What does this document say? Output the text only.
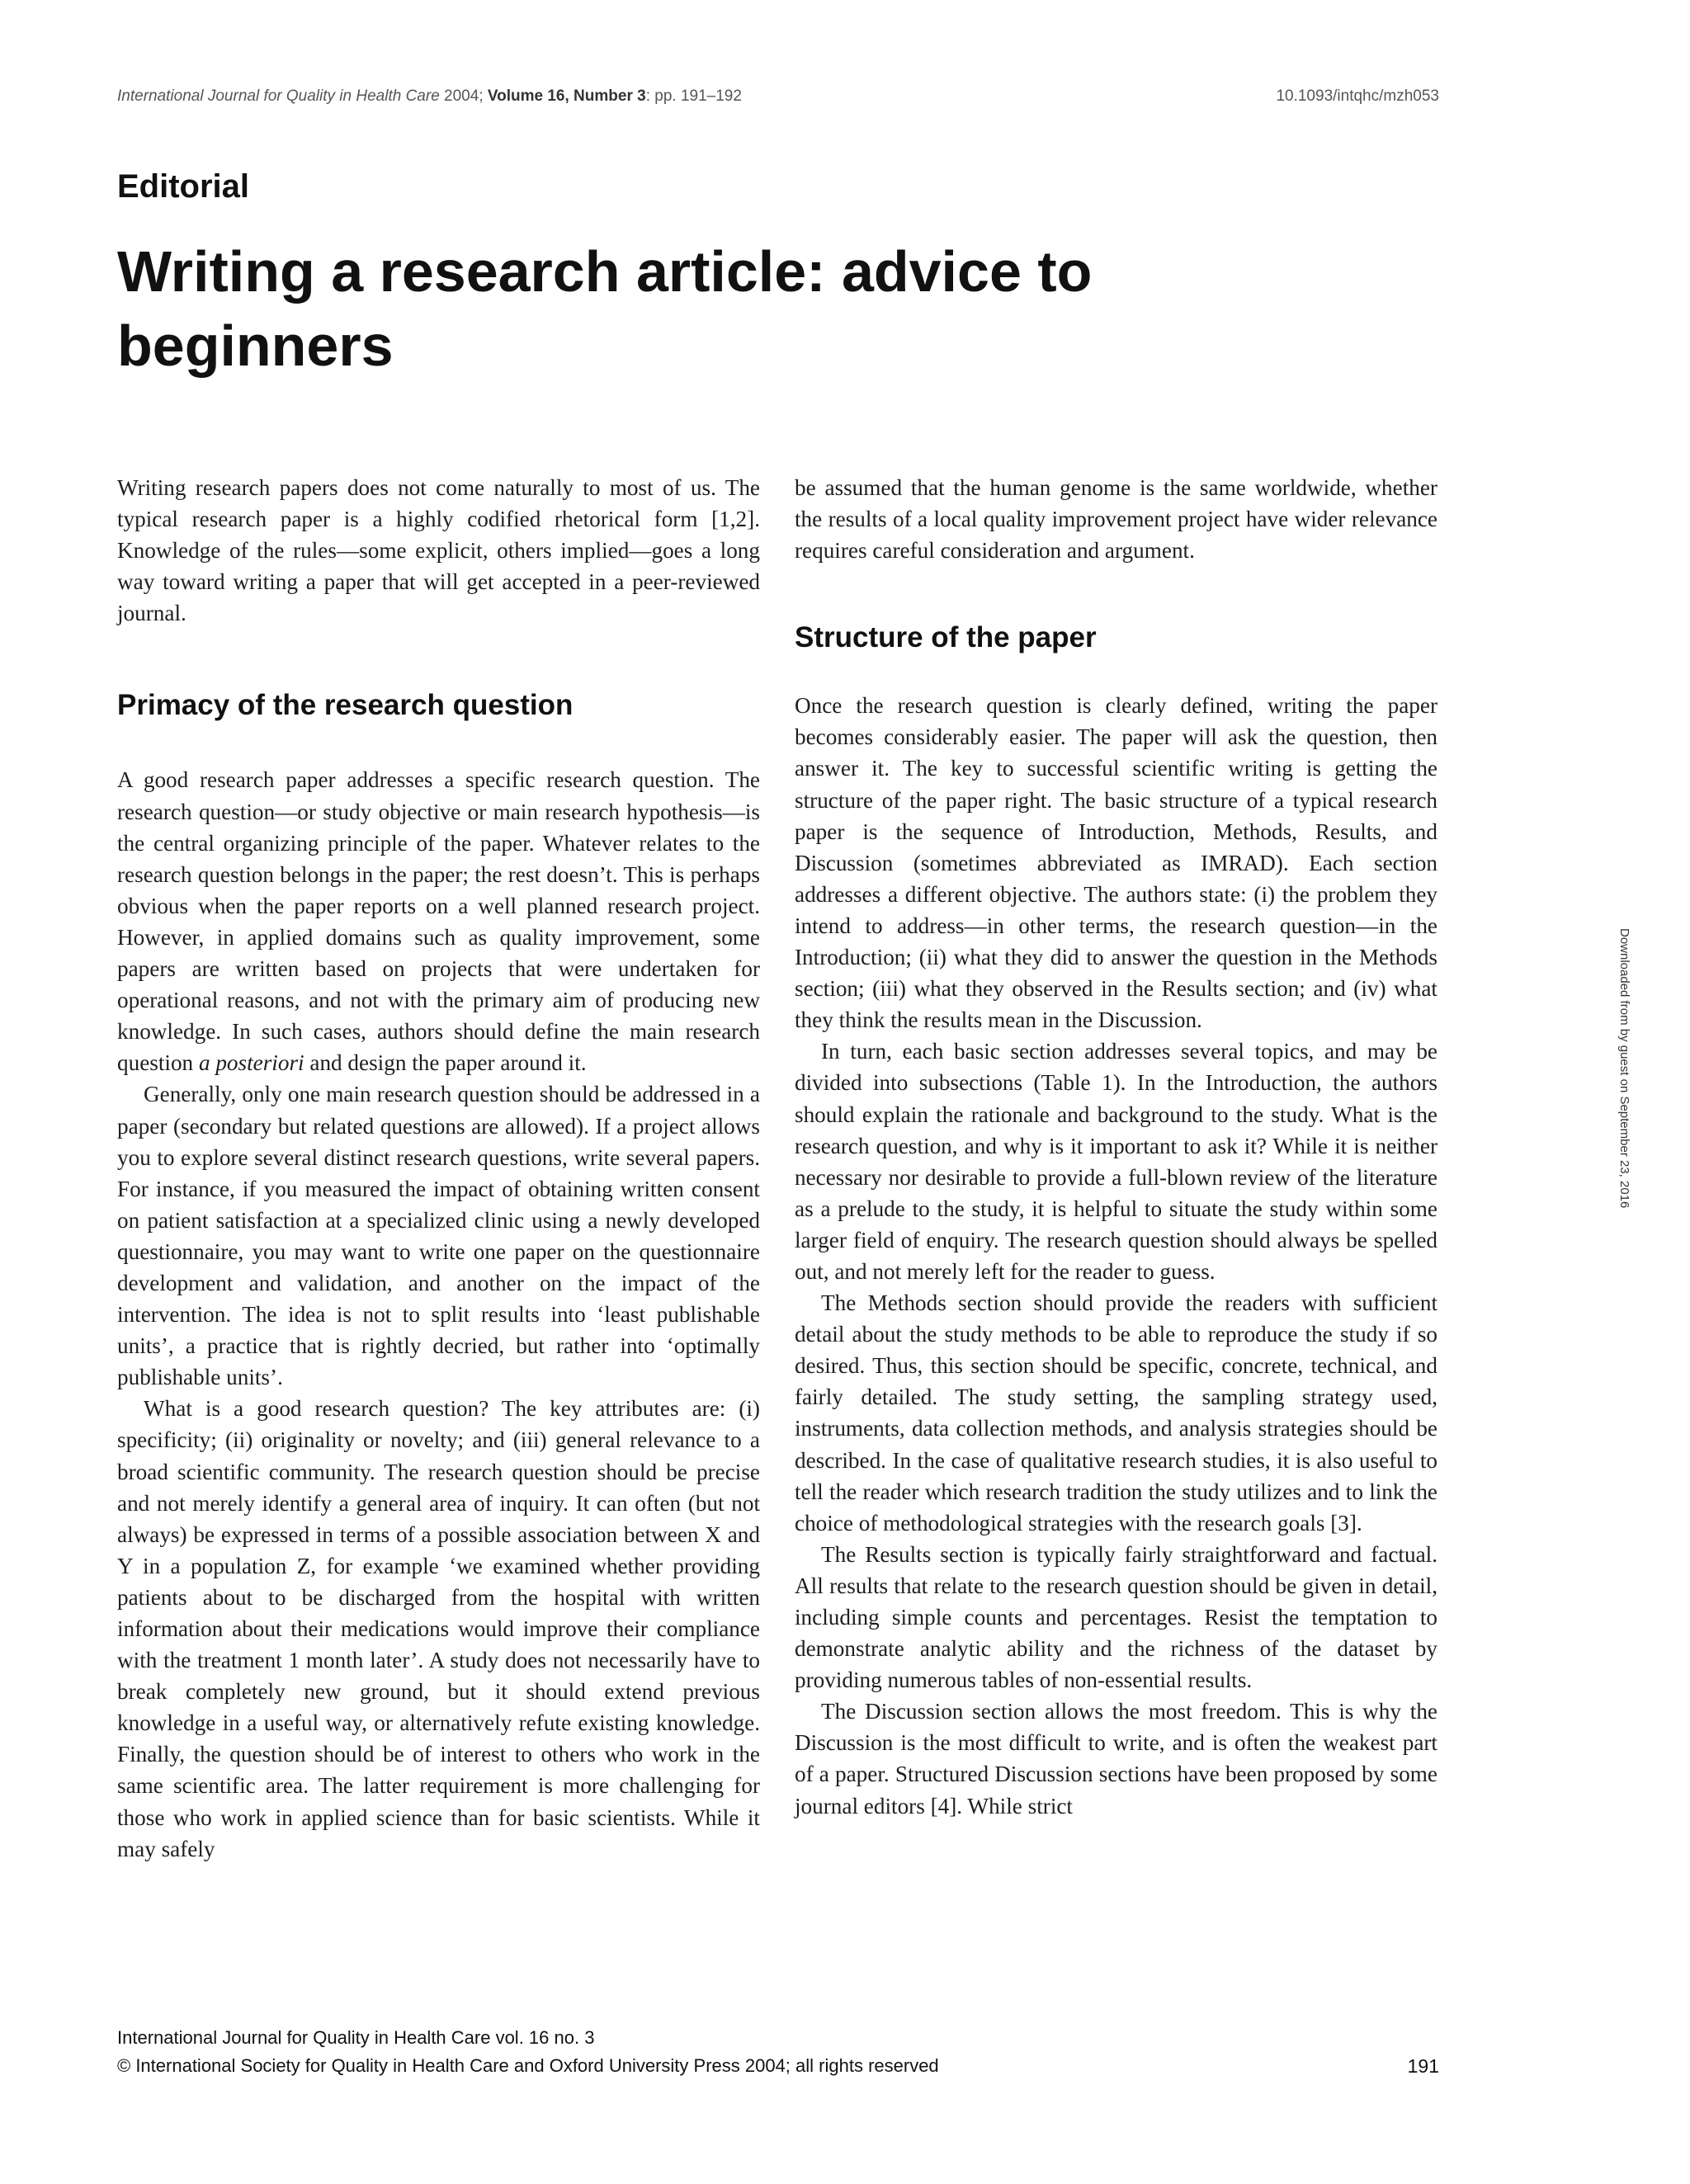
International Journal for Quality in Health Care 2004; Volume 16, Number 3: pp. 191–192	10.1093/intqhc/mzh053
Editorial
Writing a research article: advice to beginners

Writing research papers does not come naturally to most of us. The typical research paper is a highly codified rhetorical form [1,2]. Knowledge of the rules—some explicit, others implied—goes a long way toward writing a paper that will get accepted in a peer-reviewed journal.

Primacy of the research question

A good research paper addresses a specific research question. The research question—or study objective or main research hypothesis—is the central organizing principle of the paper. Whatever relates to the research question belongs in the paper; the rest doesn’t. This is perhaps obvious when the paper reports on a well planned research project. However, in applied domains such as quality improvement, some papers are written based on projects that were undertaken for operational reasons, and not with the primary aim of producing new knowledge. In such cases, authors should define the main research question a posteriori and design the paper around it.

Generally, only one main research question should be addressed in a paper (secondary but related questions are allowed). If a project allows you to explore several distinct research questions, write several papers. For instance, if you measured the impact of obtaining written consent on patient satisfaction at a specialized clinic using a newly developed questionnaire, you may want to write one paper on the questionnaire development and validation, and another on the impact of the intervention. The idea is not to split results into ‘least publishable units’, a practice that is rightly decried, but rather into ‘optimally publishable units’.

What is a good research question? The key attributes are: (i) specificity; (ii) originality or novelty; and (iii) general relevance to a broad scientific community. The research question should be precise and not merely identify a general area of inquiry. It can often (but not always) be expressed in terms of a possible association between X and Y in a population Z, for example ‘we examined whether providing patients about to be discharged from the hospital with written information about their medications would improve their compliance with the treatment 1 month later’. A study does not necessarily have to break completely new ground, but it should extend previous knowledge in a useful way, or alternatively refute existing knowledge. Finally, the question should be of interest to others who work in the same scientific area. The latter requirement is more challenging for those who work in applied science than for basic scientists. While it may safely

be assumed that the human genome is the same worldwide, whether the results of a local quality improvement project have wider relevance requires careful consideration and argument.

Structure of the paper

Once the research question is clearly defined, writing the paper becomes considerably easier. The paper will ask the question, then answer it. The key to successful scientific writing is getting the structure of the paper right. The basic structure of a typical research paper is the sequence of Introduction, Methods, Results, and Discussion (sometimes abbreviated as IMRAD). Each section addresses a different objective. The authors state: (i) the problem they intend to address—in other terms, the research question—in the Introduction; (ii) what they did to answer the question in the Methods section; (iii) what they observed in the Results section; and (iv) what they think the results mean in the Discussion.

In turn, each basic section addresses several topics, and may be divided into subsections (Table 1). In the Introduction, the authors should explain the rationale and background to the study. What is the research question, and why is it important to ask it? While it is neither necessary nor desirable to provide a full-blown review of the literature as a prelude to the study, it is helpful to situate the study within some larger field of enquiry. The research question should always be spelled out, and not merely left for the reader to guess.

The Methods section should provide the readers with sufficient detail about the study methods to be able to reproduce the study if so desired. Thus, this section should be specific, concrete, technical, and fairly detailed. The study setting, the sampling strategy used, instruments, data collection methods, and analysis strategies should be described. In the case of qualitative research studies, it is also useful to tell the reader which research tradition the study utilizes and to link the choice of methodological strategies with the research goals [3].

The Results section is typically fairly straightforward and factual. All results that relate to the research question should be given in detail, including simple counts and percentages. Resist the temptation to demonstrate analytic ability and the richness of the dataset by providing numerous tables of non-essential results.

The Discussion section allows the most freedom. This is why the Discussion is the most difficult to write, and is often the weakest part of a paper. Structured Discussion sections have been proposed by some journal editors [4]. While strict

Downloaded from by guest on September 23, 2016
International Journal for Quality in Health Care vol. 16 no. 3
© International Society for Quality in Health Care and Oxford University Press 2004; all rights reserved	191
